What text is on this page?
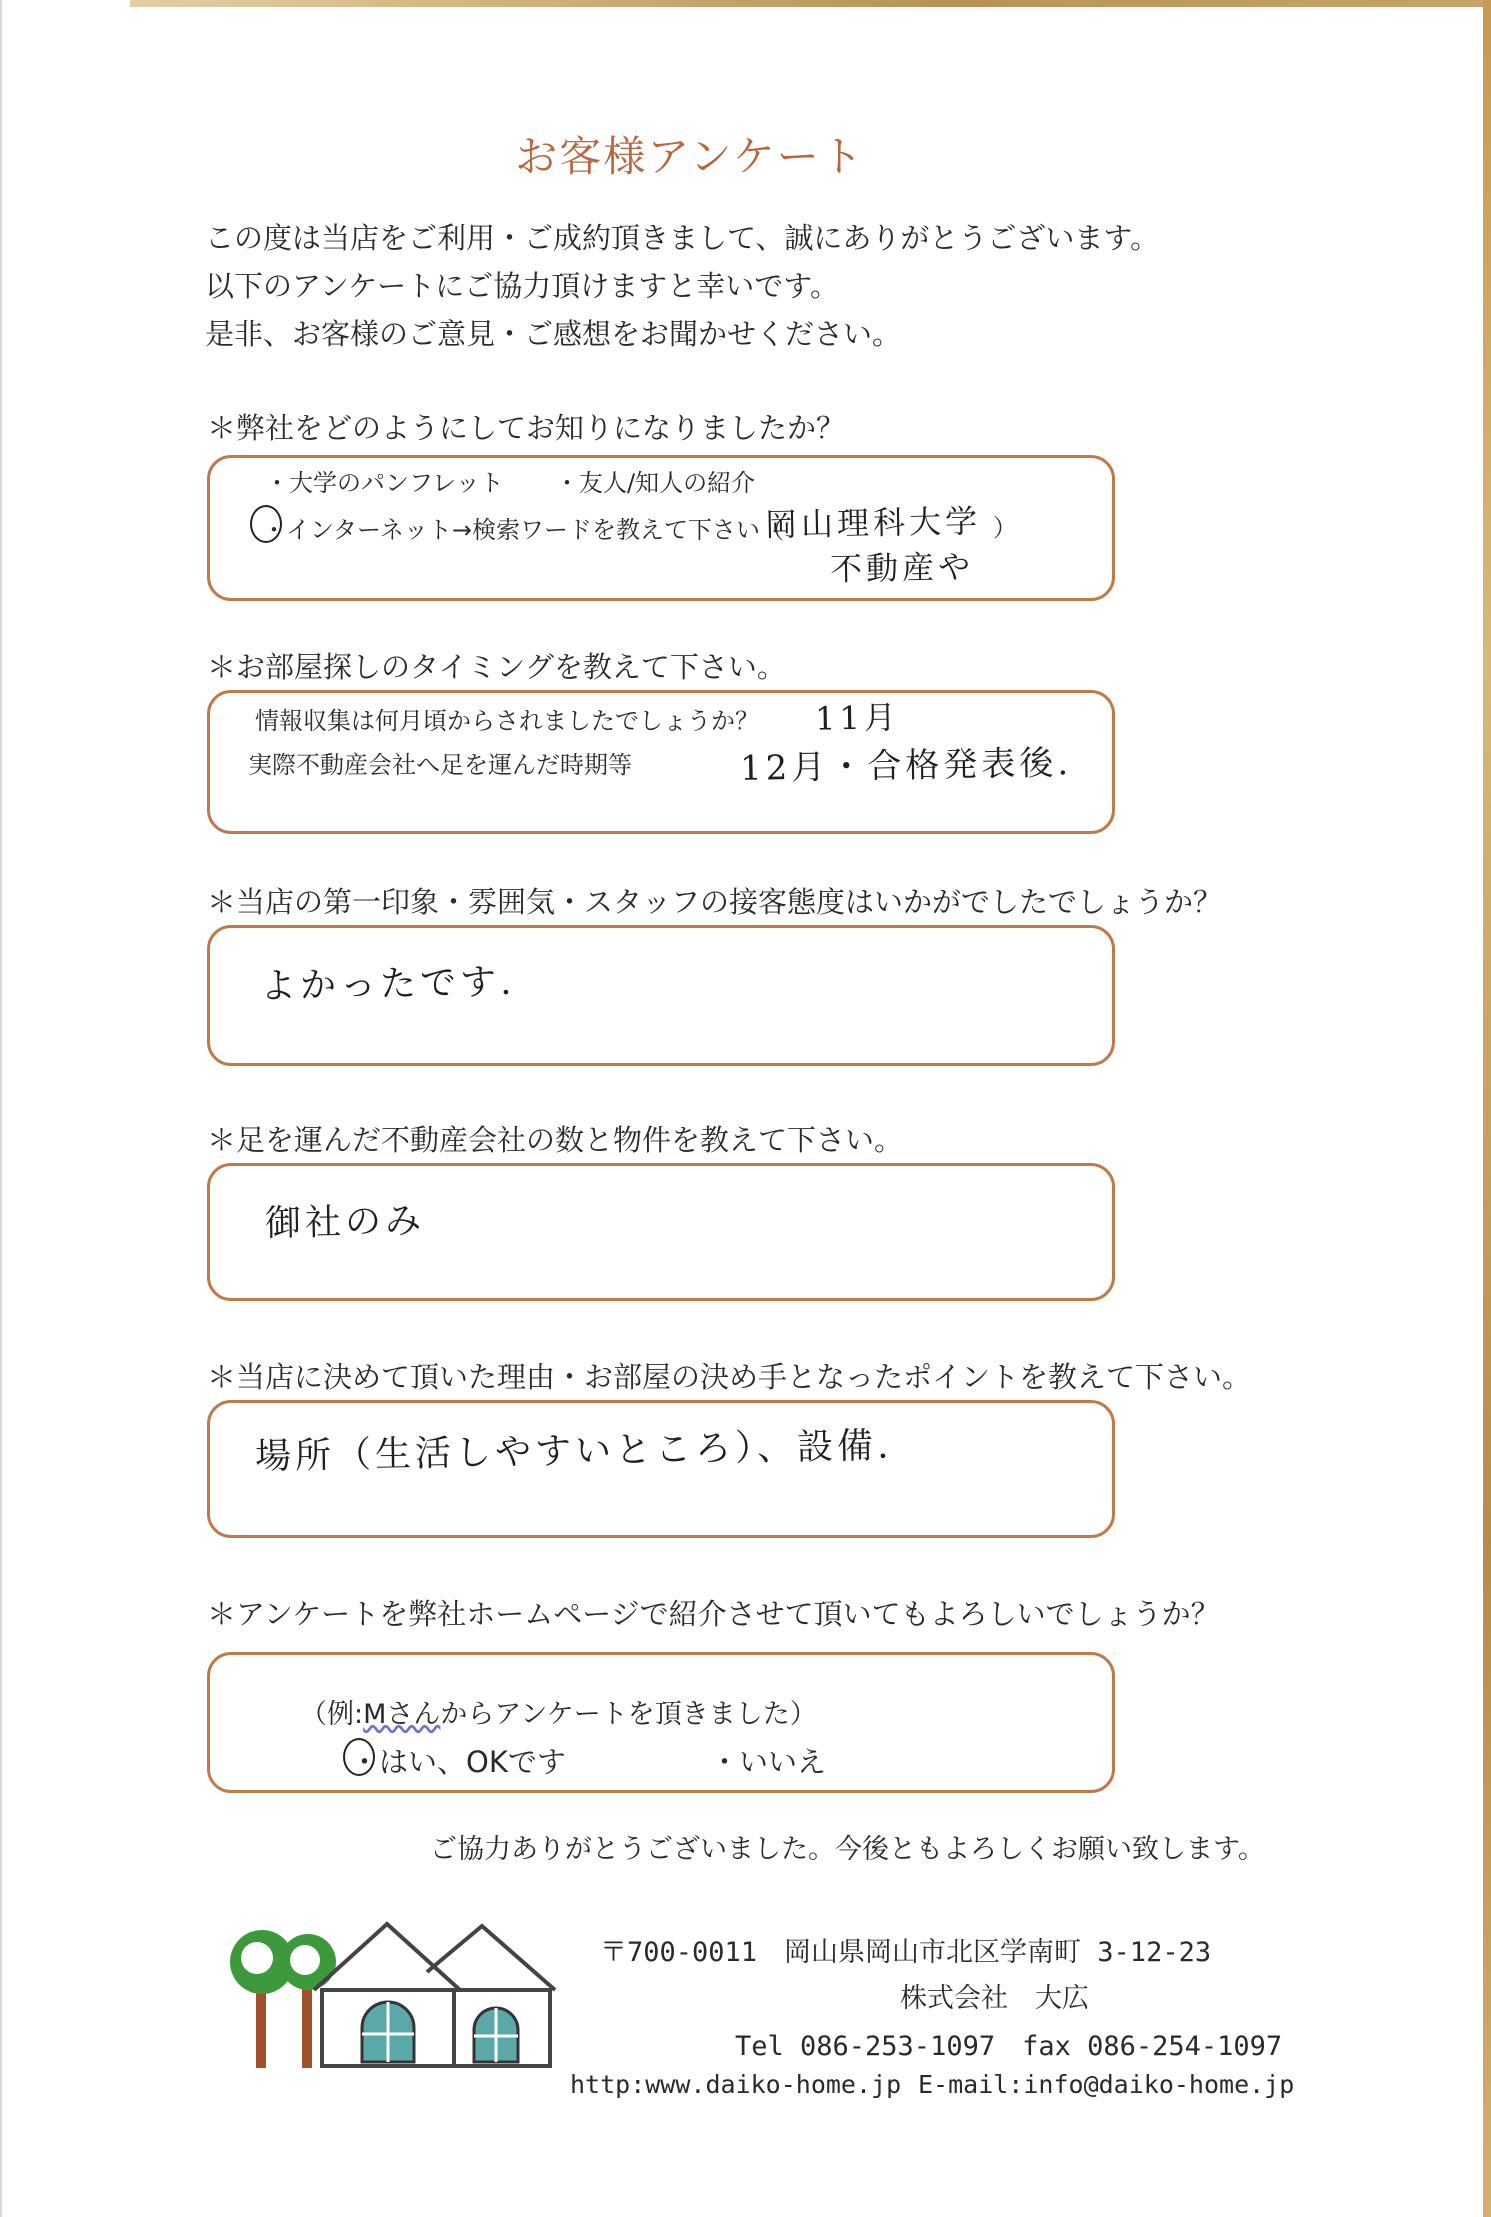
お客様アンケート
この度は当店をご利用・ご成約頂きまして、誠にありがとうございます。
以下のアンケートにご協力頂けますと幸いです。
是非、お客様のご意見・ご感想をお聞かせください。
＊弊社をどのようにしてお知りになりましたか？
・大学のパンフレット ・友人/知人の紹介
・インターネット→検索ワードを教えて下さい（
岡山理科大学 ）
不動産や
＊お部屋探しのタイミングを教えて下さい。
情報収集は何月頃からされましたでしょうか？ 11月
実際不動産会社へ足を運んだ時期等	12月・合格発表後.
＊当店の第一印象・雰囲気・スタッフの接客態度はいかがでしたでしょうか？
よかったです.
＊足を運んだ不動産会社の数と物件を教えて下さい。
御社のみ
＊当店に決めて頂いた理由・お部屋の決め手となったポイントを教えて下さい。
場所（生活しやすいところ）、設備.
＊アンケートを弊社ホームページで紹介させて頂いてもよろしいでしょうか？
（例:Mさんからアンケートを頂きました）
・はい、OKです	・いいえ
ご協力ありがとうございました。今後ともよろしくお願い致します。
〒700-0011　岡山県岡山市北区学南町 3-12-23
株式会社　大広
Tel 086-253-1097　fax 086-254-1097
http:www.daiko-home.jp E-mail:info@daiko-home.jp
